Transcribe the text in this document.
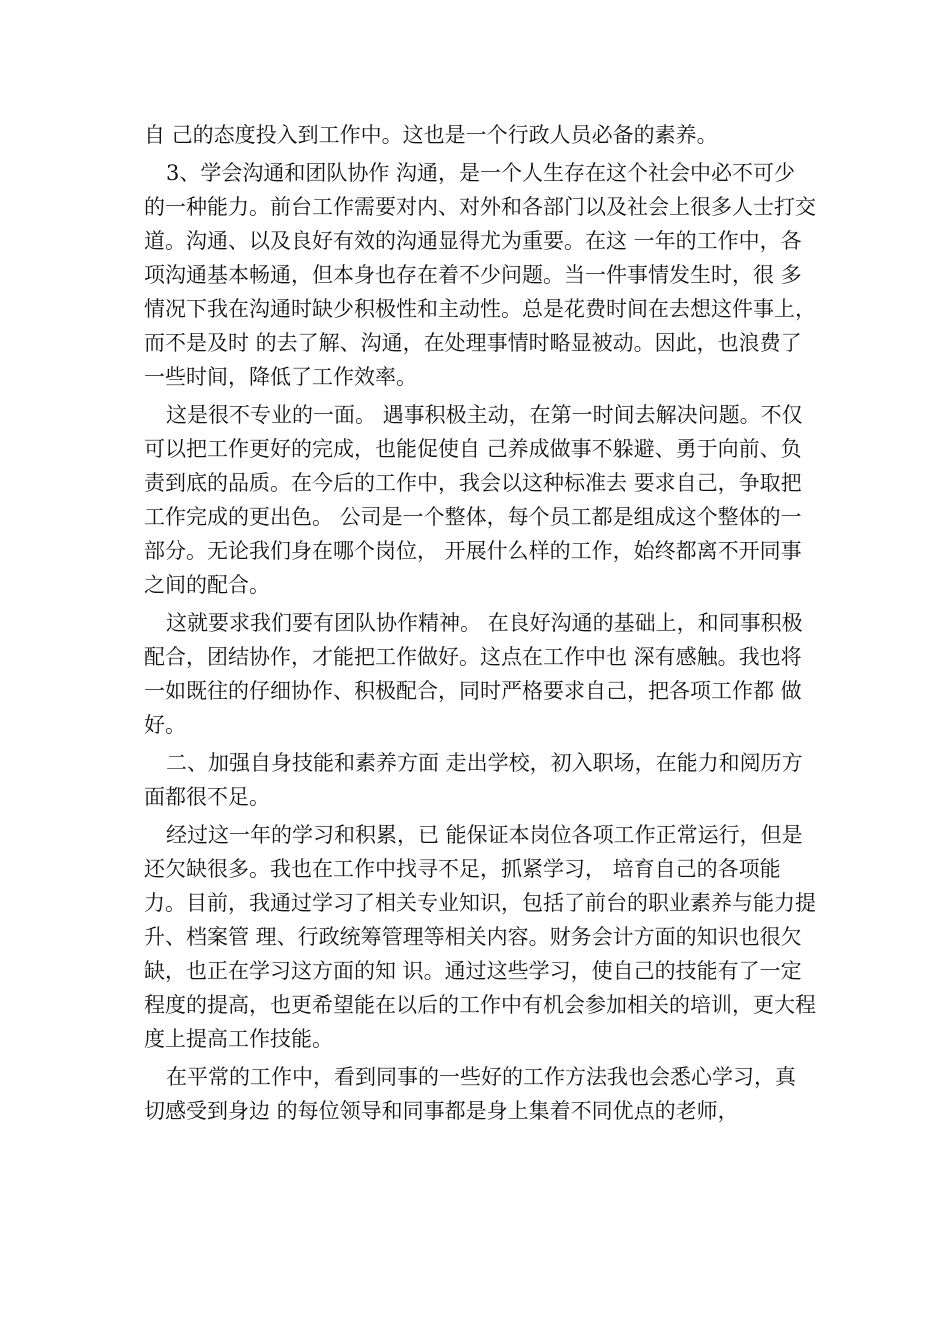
自 己的态度投入到工作中。这也是一个行政人员必备的素养。

3、学会沟通和团队协作 沟通，是一个人生存在这个社会中必不可少的一种能力。前台工作需要对内、对外和各部门以及社会上很多人士打交道。沟通、以及良好有效的沟通显得尤为重要。在这 一年的工作中，各项沟通基本畅通，但本身也存在着不少问题。当一件事情发生时，很 多情况下我在沟通时缺少积极性和主动性。总是花费时间在去想这件事上，而不是及时 的去了解、沟通，在处理事情时略显被动。因此，也浪费了一些时间，降低了工作效率。

这是很不专业的一面。 遇事积极主动，在第一时间去解决问题。不仅可以把工作更好的完成，也能促使自 己养成做事不躲避、勇于向前、负责到底的品质。在今后的工作中，我会以这种标准去 要求自己，争取把工作完成的更出色。 公司是一个整体，每个员工都是组成这个整体的一部分。无论我们身在哪个岗位， 开展什么样的工作，始终都离不开同事之间的配合。

这就要求我们要有团队协作精神。 在良好沟通的基础上，和同事积极配合，团结协作，才能把工作做好。这点在工作中也 深有感触。我也将一如既往的仔细协作、积极配合，同时严格要求自己，把各项工作都 做好。

二、加强自身技能和素养方面 走出学校，初入职场，在能力和阅历方面都很不足。

经过这一年的学习和积累，已 能保证本岗位各项工作正常运行，但是还欠缺很多。我也在工作中找寻不足，抓紧学习， 培育自己的各项能力。目前，我通过学习了相关专业知识，包括了前台的职业素养与能力提升、档案管 理、行政统筹管理等相关内容。财务会计方面的知识也很欠缺，也正在学习这方面的知 识。通过这些学习，使自己的技能有了一定程度的提高，也更希望能在以后的工作中有机会参加相关的培训，更大程度上提高工作技能。

在平常的工作中，看到同事的一些好的工作方法我也会悉心学习，真切感受到身边 的每位领导和同事都是身上集着不同优点的老师，
